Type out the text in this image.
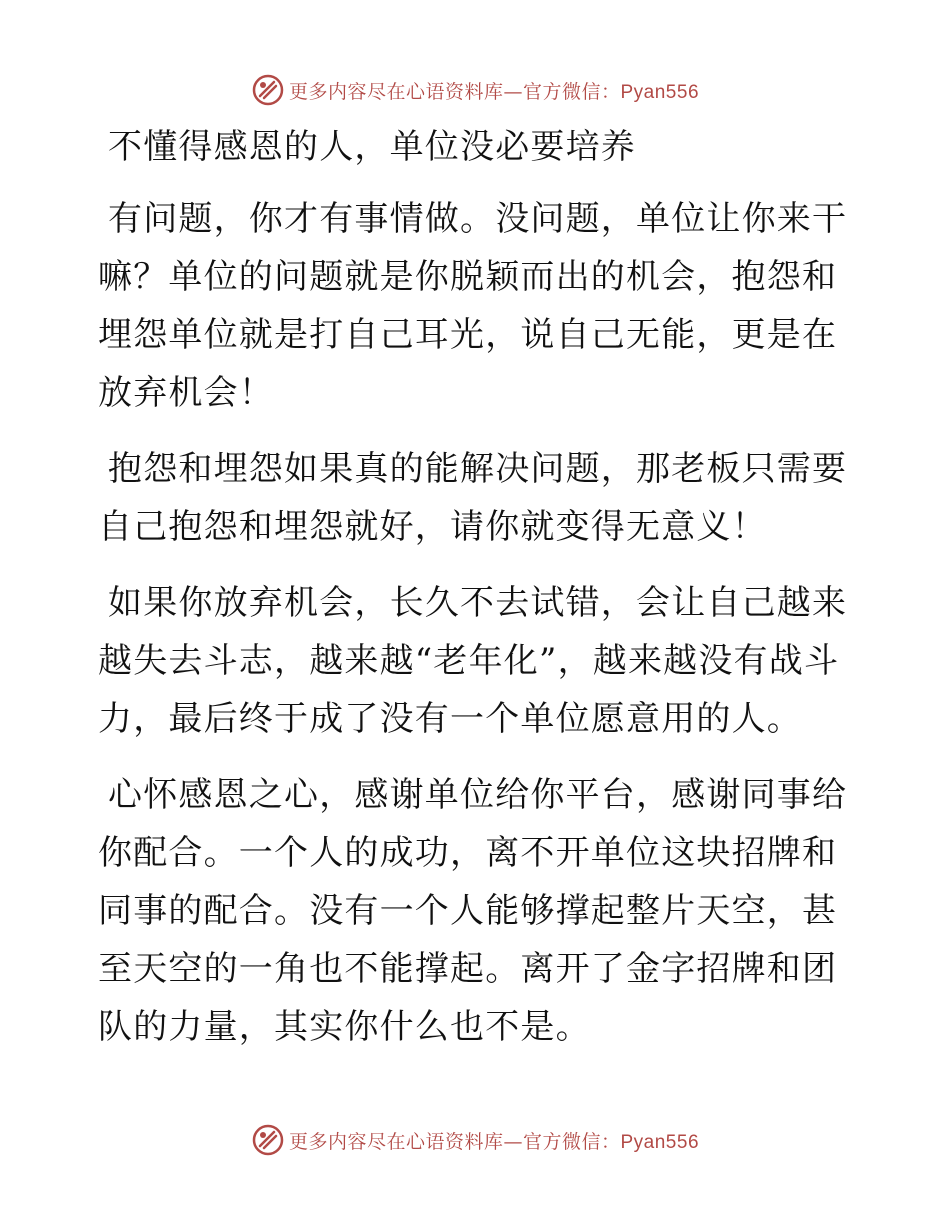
更多内容尽在心语资料库—官方微信：Pyan556

不懂得感恩的人，单位没必要培养

有问题，你才有事情做。没问题，单位让你来干嘛？单位的问题就是你脱颖而出的机会，抱怨和埋怨单位就是打自己耳光，说自己无能，更是在放弃机会！

抱怨和埋怨如果真的能解决问题，那老板只需要自己抱怨和埋怨就好，请你就变得无意义！

如果你放弃机会，长久不去试错，会让自己越来越失去斗志，越来越“老年化”，越来越没有战斗力，最后终于成了没有一个单位愿意用的人。

心怀感恩之心，感谢单位给你平台，感谢同事给你配合。一个人的成功，离不开单位这块招牌和同事的配合。没有一个人能够撑起整片天空，甚至天空的一角也不能撑起。离开了金字招牌和团队的力量，其实你什么也不是。

更多内容尽在心语资料库—官方微信：Pyan556
